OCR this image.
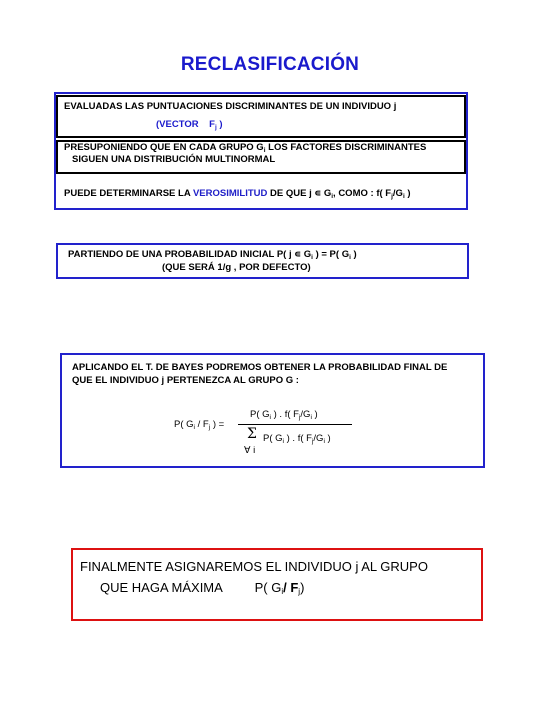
RECLASIFICACIÓN
EVALUADAS LAS PUNTUACIONES DISCRIMINANTES DE UN INDIVIDUO j
(VECTOR $F_j$ )
PRESUPONIENDO QUE EN CADA GRUPO $G_i$ LOS FACTORES DISCRIMINANTES
SIGUEN UNA DISTRIBUCIÓN MULTINORMAL
PUEDE DETERMINARSE LA VEROSIMILITUD DE QUE j ∊ $G_i$, COMO : f( $F_j/G_i$ )
PARTIENDO DE UNA PROBABILIDAD INICIAL P( j ∊ $G_i$ ) = P( $G_i$ )
(QUE SERÁ 1/g , POR DEFECTO)
APLICANDO EL T. DE BAYES PODREMOS OBTENER LA PROBABILIDAD FINAL DE
QUE EL INDIVIDUO j PERTENEZCA AL GRUPO G :
P( $G_i / F_j$ ) =
P( $G_i$ ) . f( $F_j/G_i$ )
Σ P( $G_i$ ) . f( $F_j/G_i$ )
∀ i
FINALMENTE ASIGNAREMOS EL INDIVIDUO j AL GRUPO
QUE HAGA MÁXIMA	P( $G_i/$ $F_j$)
